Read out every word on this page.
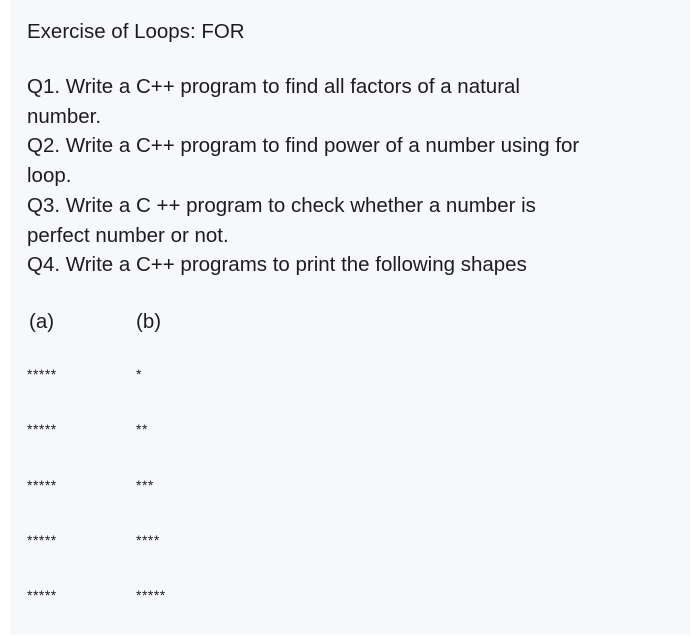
Exercise of Loops: FOR
Q1. Write a C++ program to find all factors of a natural
number.
Q2. Write a C++ program to find power of a number using for
loop.
Q3. Write a C ++ program to check whether a number is
perfect number or not.
Q4. Write a C++ programs to print the following shapes
(a)	(b)
*****
*****
*****
*****
*****
*
**
***
****
*****
